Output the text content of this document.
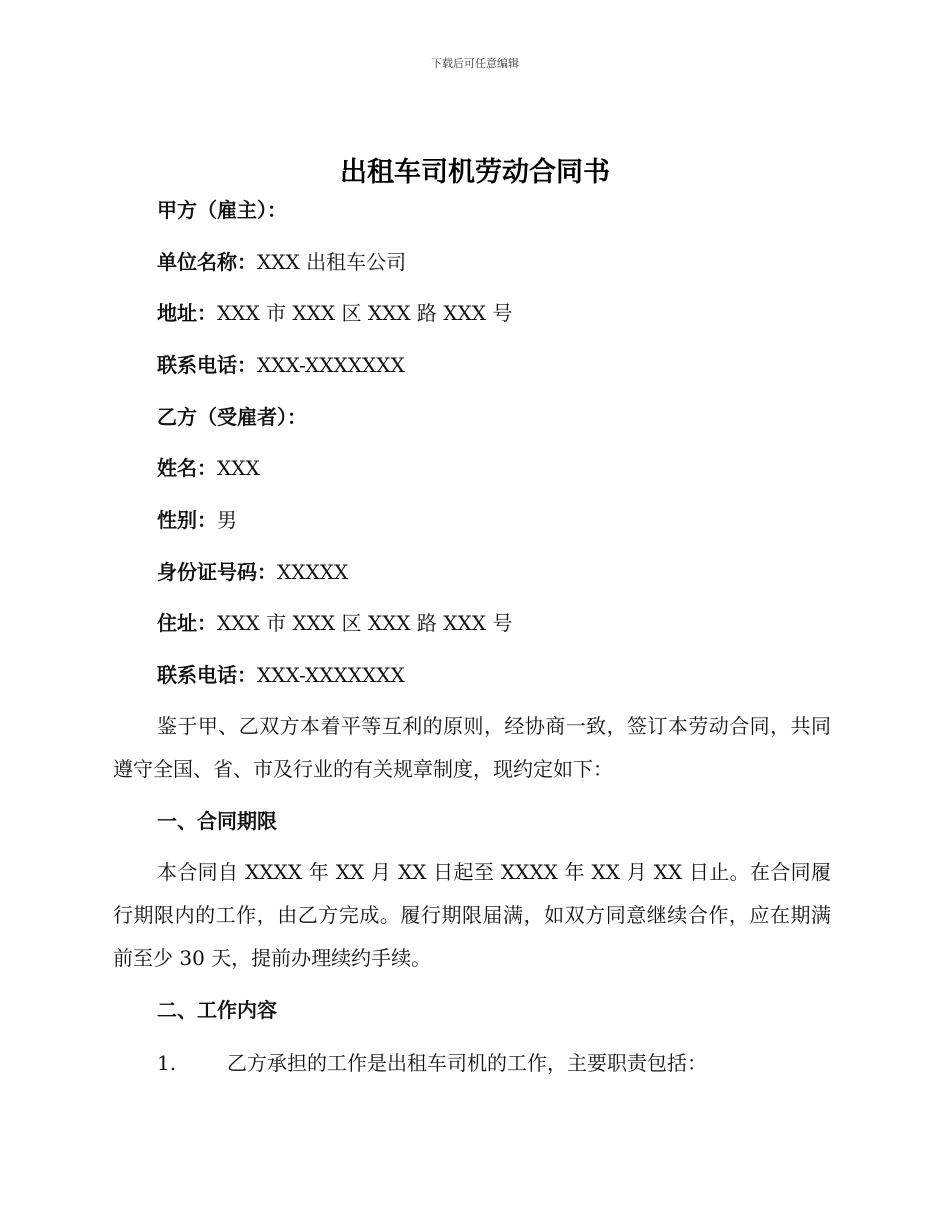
下载后可任意编辑
出租车司机劳动合同书
甲方（雇主）：
单位名称：XXX 出租车公司
地址：XXX 市 XXX 区 XXX 路 XXX 号
联系电话：XXX-XXXXXXX
乙方（受雇者）：
姓名：XXX
性别：男
身份证号码：XXXXX
住址：XXX 市 XXX 区 XXX 路 XXX 号
联系电话：XXX-XXXXXXX
鉴于甲、乙双方本着平等互利的原则，经协商一致，签订本劳动合同，共同遵守全国、省、市及行业的有关规章制度，现约定如下：
一、合同期限
本合同自 XXXX 年 XX 月 XX 日起至 XXXX 年 XX 月 XX 日止。在合同履行期限内的工作，由乙方完成。履行期限届满，如双方同意继续合作，应在期满前至少 30 天，提前办理续约手续。
二、工作内容
1.	乙方承担的工作是出租车司机的工作，主要职责包括：
